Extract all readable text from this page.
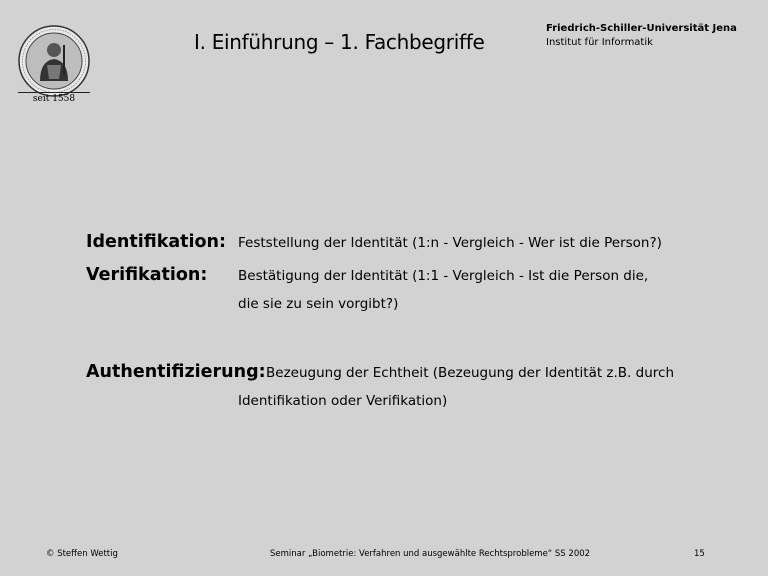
seit 1558
I. Einführung – 1. Fachbegriffe
Friedrich-Schiller-Universität Jena
Institut für Informatik
Identifikation: Feststellung der Identität (1:n - Vergleich - Wer ist die Person?)
Verifikation: Bestätigung der Identität (1:1 - Vergleich - Ist die Person die,
die sie zu sein vorgibt?)
Authentifizierung: Bezeugung der Echtheit (Bezeugung der Identität z.B. durch
Identifikation oder Verifikation)
© Steffen Wettig	Seminar „Biometrie: Verfahren und ausgewählte Rechtsprobleme“ SS 2002	15
